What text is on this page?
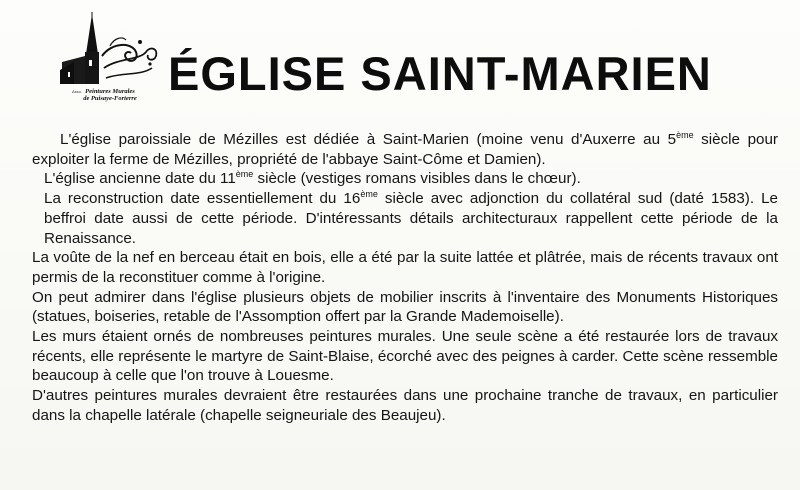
Asso. Peintures Murales
de Puisaye-Forterre ÉGLISE SAINT-MARIEN

L'église paroissiale de Mézilles est dédiée à Saint-Marien (moine venu d'Auxerre au 5ème siècle pour exploiter la ferme de Mézilles, propriété de l'abbaye Saint-Côme et Damien).

L'église ancienne date du 11ème siècle (vestiges romans visibles dans le chœur).

La reconstruction date essentiellement du 16ème siècle avec adjonction du collatéral sud (daté 1583). Le beffroi date aussi de cette période. D'intéressants détails architecturaux rappellent cette période de la Renaissance.

La voûte de la nef en berceau était en bois, elle a été par la suite lattée et plâtrée, mais de récents travaux ont permis de la reconstituer comme à l'origine.

On peut admirer dans l'église plusieurs objets de mobilier inscrits à l'inventaire des Monuments Historiques (statues, boiseries, retable de l'Assomption offert par la Grande Mademoiselle).

Les murs étaient ornés de nombreuses peintures murales. Une seule scène a été restaurée lors de travaux récents, elle représente le martyre de Saint-Blaise, écorché avec des peignes à carder. Cette scène ressemble beaucoup à celle que l'on trouve à Louesme.

D'autres peintures murales devraient être restaurées dans une prochaine tranche de travaux, en particulier dans la chapelle latérale (chapelle seigneuriale des Beaujeu).
